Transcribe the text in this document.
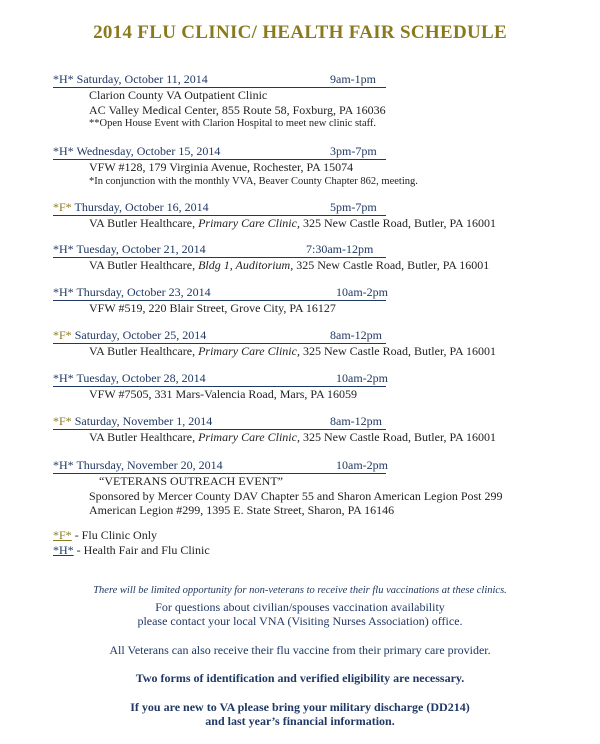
2014 FLU CLINIC/ HEALTH FAIR SCHEDULE
*H* Saturday, October 11, 2014	9am-1pm
Clarion County VA Outpatient Clinic
AC Valley Medical Center, 855 Route 58, Foxburg, PA 16036
**Open House Event with Clarion Hospital to meet new clinic staff.
*H* Wednesday, October 15, 2014	3pm-7pm
VFW #128, 179 Virginia Avenue, Rochester, PA 15074
*In conjunction with the monthly VVA, Beaver County Chapter 862, meeting.
*F* Thursday, October 16, 2014	5pm-7pm
VA Butler Healthcare, Primary Care Clinic, 325 New Castle Road, Butler, PA 16001
*H* Tuesday, October 21, 2014	7:30am-12pm
VA Butler Healthcare, Bldg 1, Auditorium, 325 New Castle Road, Butler, PA 16001
*H* Thursday, October 23, 2014	10am-2pm
VFW #519, 220 Blair Street, Grove City, PA 16127
*F* Saturday, October 25, 2014	8am-12pm
VA Butler Healthcare, Primary Care Clinic, 325 New Castle Road, Butler, PA 16001
*H* Tuesday, October 28, 2014	10am-2pm
VFW #7505, 331 Mars-Valencia Road, Mars, PA 16059
*F* Saturday, November 1, 2014	8am-12pm
VA Butler Healthcare, Primary Care Clinic, 325 New Castle Road, Butler, PA 16001
*H* Thursday, November 20, 2014	10am-2pm
“VETERANS OUTREACH EVENT”
Sponsored by Mercer County DAV Chapter 55 and Sharon American Legion Post 299
American Legion #299, 1395 E. State Street, Sharon, PA 16146
*F* - Flu Clinic Only
*H* - Health Fair and Flu Clinic
There will be limited opportunity for non-veterans to receive their flu vaccinations at these clinics.
For questions about civilian/spouses vaccination availability
please contact your local VNA (Visiting Nurses Association) office.
All Veterans can also receive their flu vaccine from their primary care provider.
Two forms of identification and verified eligibility are necessary.
If you are new to VA please bring your military discharge (DD214)
and last year’s financial information.
